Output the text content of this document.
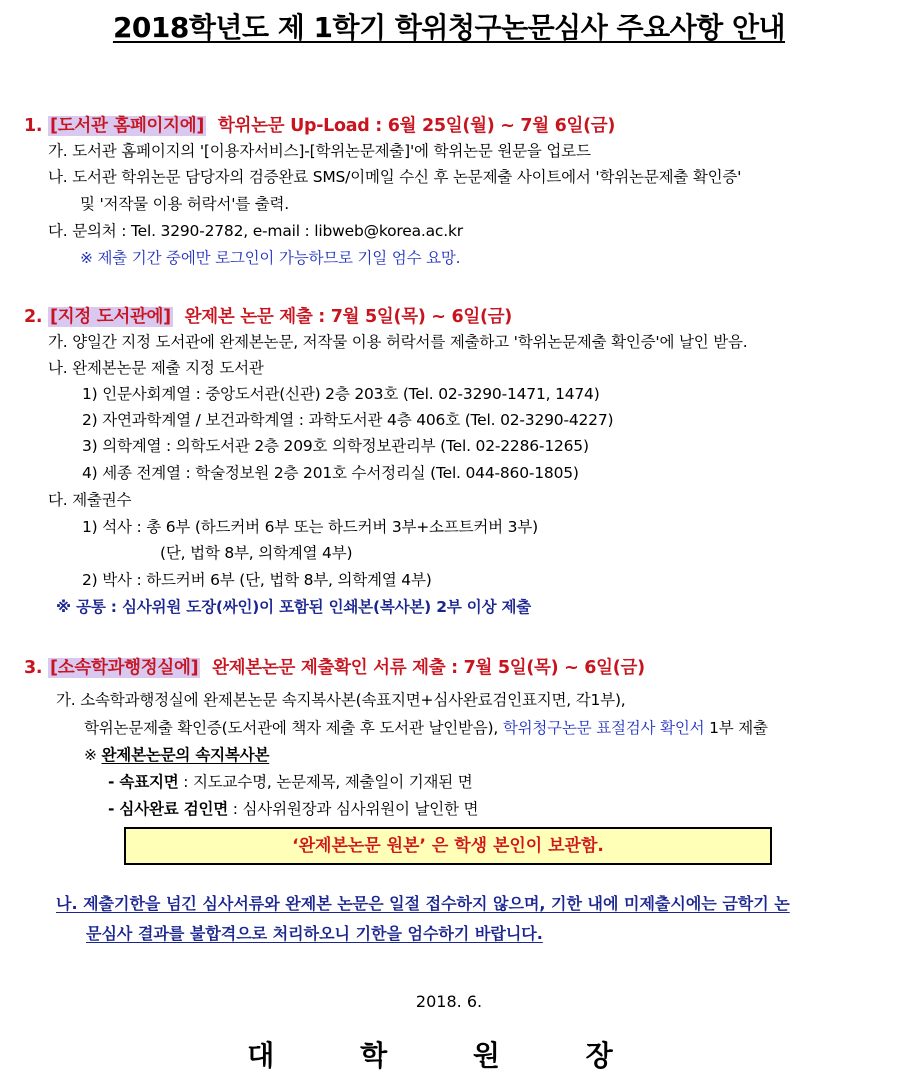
2018학년도 제 1학기 학위청구논문심사 주요사항 안내
1. [도서관 홈페이지에] 학위논문 Up-Load : 6월 25일(월) ~ 7월 6일(금)
가. 도서관 홈페이지의 '[이용자서비스]-[학위논문제출]'에 학위논문 원문을 업로드
나. 도서관 학위논문 담당자의 검증완료 SMS/이메일 수신 후 논문제출 사이트에서 '학위논문제출 확인증'
및 '저작물 이용 허락서'를 출력.
다. 문의처 : Tel. 3290-2782, e-mail : libweb@korea.ac.kr
※ 제출 기간 중에만 로그인이 가능하므로 기일 엄수 요망.
2. [지정 도서관에] 완제본 논문 제출 : 7월 5일(목) ~ 6일(금)
가. 양일간 지정 도서관에 완제본논문, 저작물 이용 허락서를 제출하고 '학위논문제출 확인증'에 날인 받음.
나. 완제본논문 제출 지정 도서관
1) 인문사회계열 : 중앙도서관(신관) 2층 203호 (Tel. 02-3290-1471, 1474)
2) 자연과학계열 / 보건과학계열 : 과학도서관 4층 406호 (Tel. 02-3290-4227)
3) 의학계열 : 의학도서관 2층 209호 의학정보관리부 (Tel. 02-2286-1265)
4) 세종 전계열 : 학술정보원 2층 201호 수서정리실 (Tel. 044-860-1805)
다. 제출권수
1) 석사 : 총 6부 (하드커버 6부 또는 하드커버 3부+소프트커버 3부)
(단, 법학 8부, 의학계열 4부)
2) 박사 : 하드커버 6부 (단, 법학 8부, 의학계열 4부)
※ 공통 : 심사위원 도장(싸인)이 포함된 인쇄본(복사본) 2부 이상 제출
3. [소속학과행정실에] 완제본논문 제출확인 서류 제출 : 7월 5일(목) ~ 6일(금)
가. 소속학과행정실에 완제본논문 속지복사본(속표지면+심사완료검인표지면, 각1부),
학위논문제출 확인증(도서관에 책자 제출 후 도서관 날인받음), 학위청구논문 표절검사 확인서 1부 제출
※ 완제본논문의 속지복사본
- 속표지면 : 지도교수명, 논문제목, 제출일이 기재된 면
- 심사완료 검인면 : 심사위원장과 심사위원이 날인한 면
‘완제본논문 원본’ 은 학생 본인이 보관함.
나. 제출기한을 넘긴 심사서류와 완제본 논문은 일절 접수하지 않으며, 기한 내에 미제출시에는 금학기 논
문심사 결과를 불합격으로 처리하오니 기한을 엄수하기 바랍니다.
2018. 6.
대 학 원 장
